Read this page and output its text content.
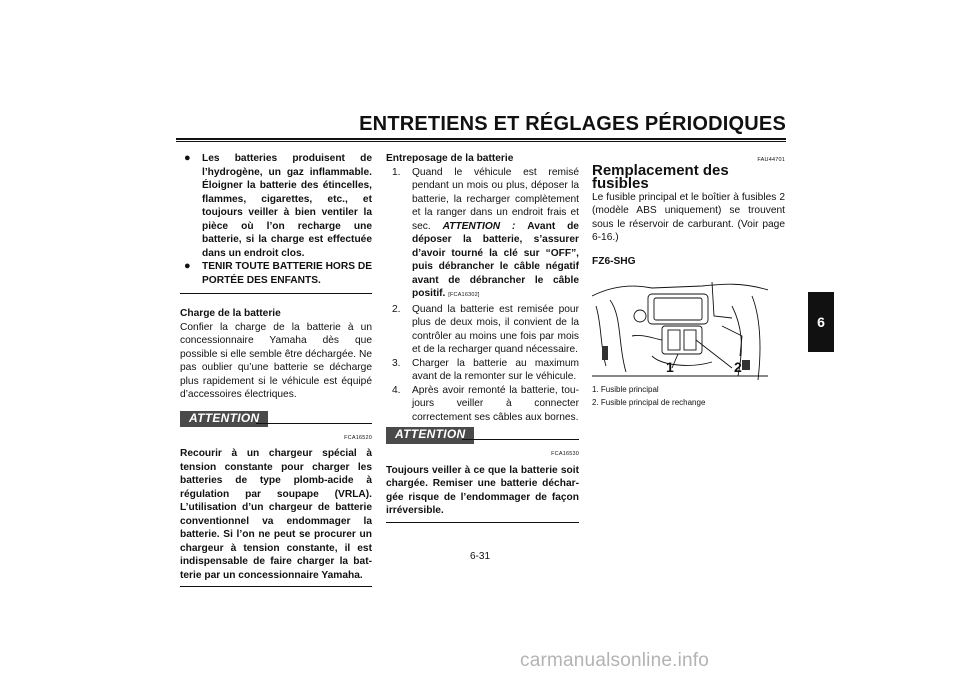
ENTRETIENS ET RÉGLAGES PÉRIODIQUES
●	Les batteries produisent de l’hydrogène, un gaz inflammable. Éloigner la batterie des étincelles, flammes, cigarettes, etc., et toujours veiller à bien ventiler la pièce où l’on recharge une batterie, si la charge est effectuée dans un endroit clos.
●	TENIR TOUTE BATTERIE HORS DE PORTÉE DES ENFANTS.

Charge de la batterie

Confier la charge de la batterie à un concessionnaire Yamaha dès que possible si elle semble être déchargée. Ne pas oublier qu’une batterie se décharge plus rapidement si le véhicule est équipé d’accessoires électriques.

ATTENTION
FCA16520

Recourir à un chargeur spécial à tension constante pour charger les batteries de type plomb-acide à régulation par soupape (VRLA). L’utilisation d’un chargeur de batterie conventionnel va endommager la batterie. Si l’on ne peut se procurer un chargeur à tension constante, il est indispensable de faire charger la batterie par un concessionnaire Yamaha.

Entreposage de la batterie

1.	Quand le véhicule est remisé pendant un mois ou plus, déposer la batterie, la recharger complètement et la ranger dans un endroit frais et sec. ATTENTION : Avant de déposer la batterie, s’assurer d’avoir tourné la clé sur “OFF”, puis débrancher le câble négatif avant de débrancher le câble positif. [FCA16302]
2.	Quand la batterie est remisée pour plus de deux mois, il convient de la contrôler au moins une fois par mois et de la recharger quand nécessaire.
3.	Charger la batterie au maximum avant de la remonter sur le véhicule.
4.	Après avoir remonté la batterie, toujours veiller à connecter correctement ses câbles aux bornes.
ATTENTION
FCA16530

Toujours veiller à ce que la batterie soit chargée. Remiser une batterie déchargée risque de l’endommager de façon irréversible.

FAU44701

Remplacement des fusibles

Le fusible principal et le boîtier à fusibles 2 (modèle ABS uniquement) se trouvent sous le réservoir de carburant. (Voir page 6-16.)

FZ6-SHG

1	2
1. Fusible principal
2. Fusible principal de rechange
6
6-31
carmanualsonline.info
